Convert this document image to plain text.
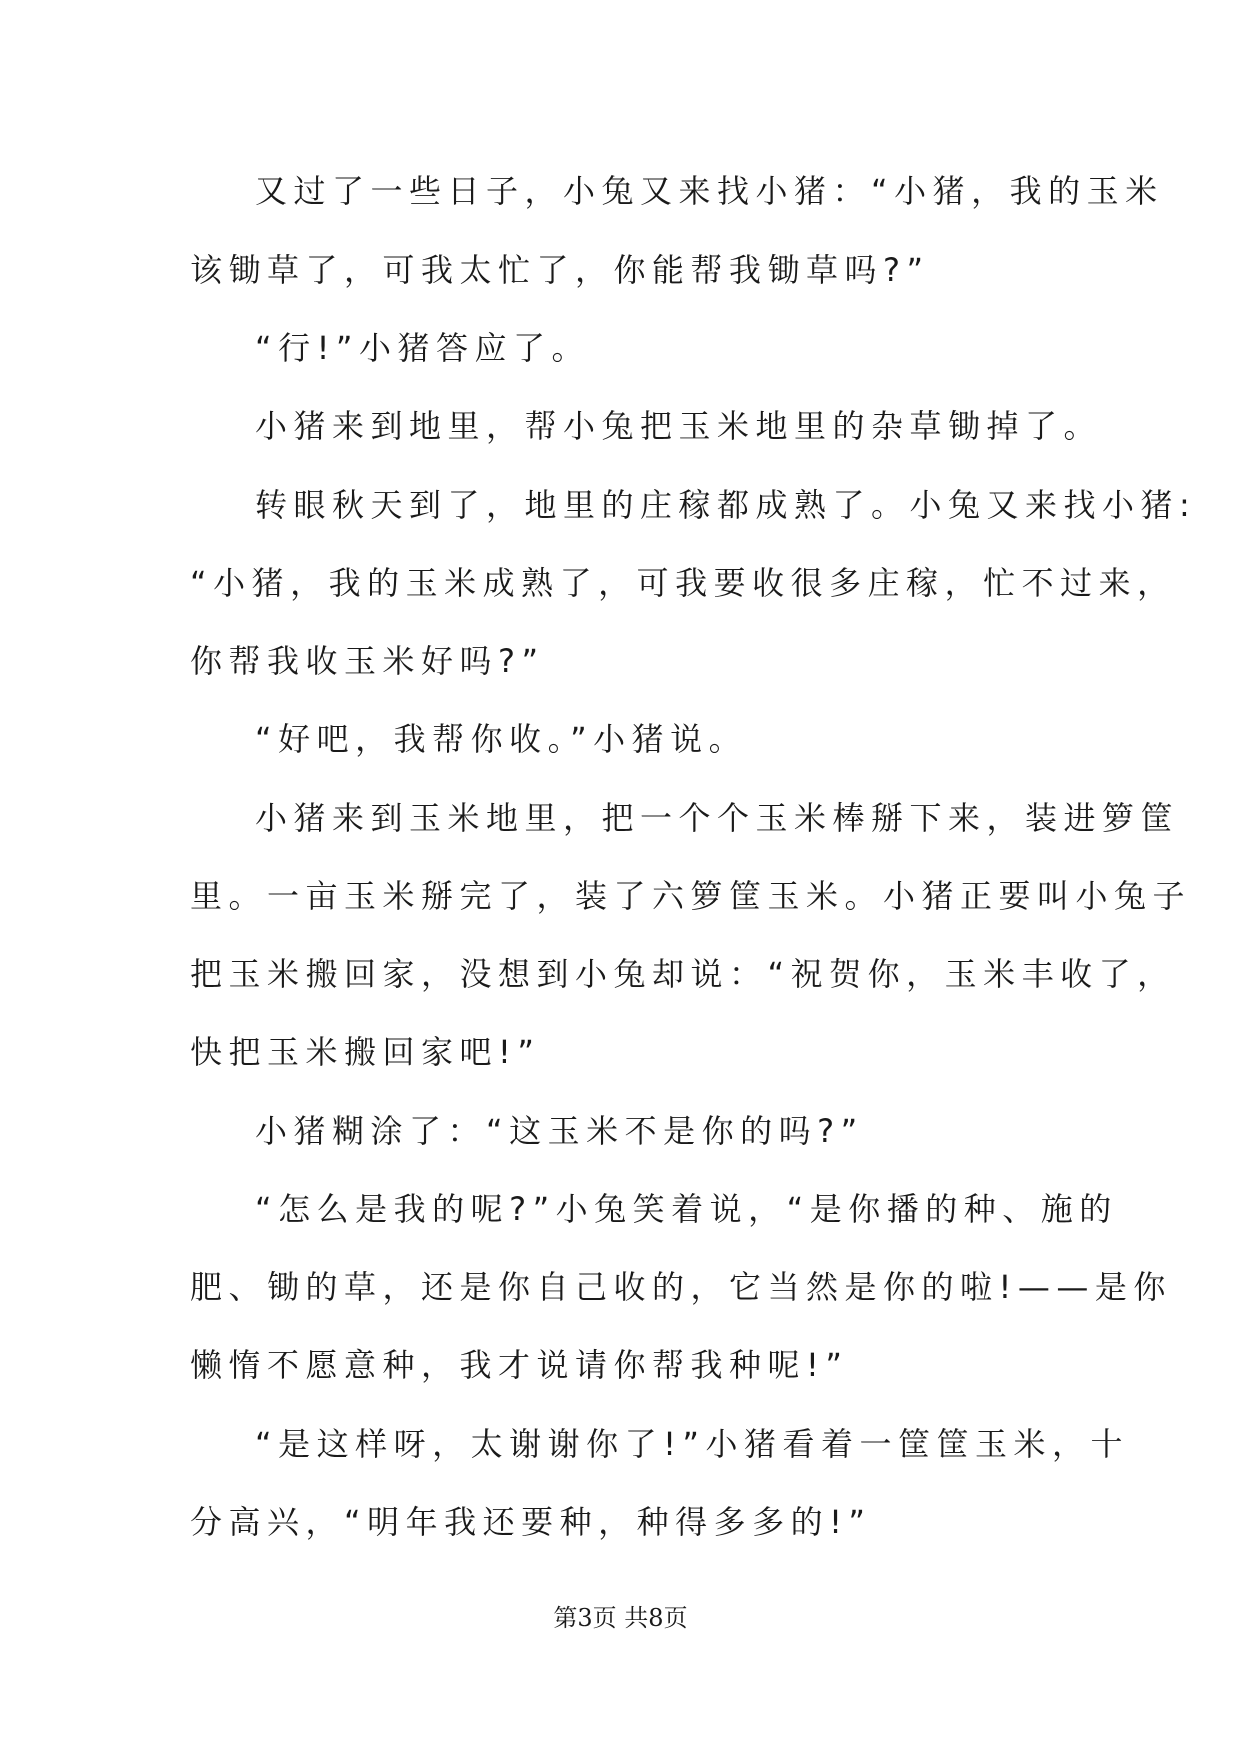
又过了一些日子，小兔又来找小猪：“小猪，我的玉米
该锄草了，可我太忙了，你能帮我锄草吗?”
“行!”小猪答应了。
小猪来到地里，帮小兔把玉米地里的杂草锄掉了。
转眼秋天到了，地里的庄稼都成熟了。小兔又来找小猪:
“小猪，我的玉米成熟了，可我要收很多庄稼，忙不过来，
你帮我收玉米好吗?”
“好吧，我帮你收。”小猪说。
小猪来到玉米地里，把一个个玉米棒掰下来，装进箩筐
里。一亩玉米掰完了，装了六箩筐玉米。小猪正要叫小兔子
把玉米搬回家，没想到小兔却说：“祝贺你，玉米丰收了，
快把玉米搬回家吧!”
小猪糊涂了：“这玉米不是你的吗?”
“怎么是我的呢?”小兔笑着说，“是你播的种、施的
肥、锄的草，还是你自己收的，它当然是你的啦!——是你
懒惰不愿意种，我才说请你帮我种呢!”
“是这样呀，太谢谢你了!”小猪看着一筐筐玉米，十
分高兴，“明年我还要种，种得多多的!”
第3页 共8页
